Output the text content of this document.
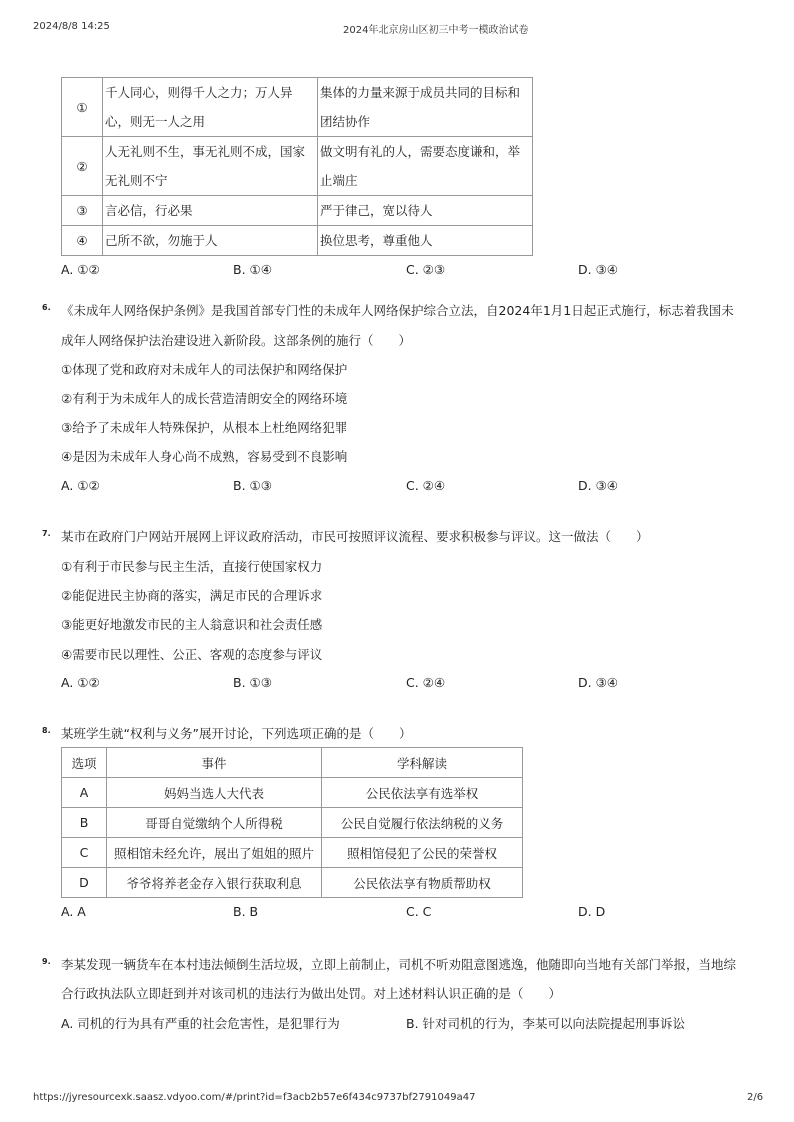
2024/8/8 14:25	2024年北京房山区初三中考一模政治试卷
①	千人同心，则得千人之力；万人异心，则无一人之用	集体的力量来源于成员共同的目标和团结协作
②	人无礼则不生，事无礼则不成，国家无礼则不宁	做文明有礼的人，需要态度谦和，举止端庄
③	言必信，行必果	严于律己，宽以待人
④	己所不欲，勿施于人	换位思考，尊重他人
A. ①②	B. ①④	C. ②③	D. ③④
6. 《未成年人网络保护条例》是我国首部专门性的未成年人网络保护综合立法，自2024年1月1日起正式施行，标志着我国未
成年人网络保护法治建设进入新阶段。这部条例的施行（　　）
①体现了党和政府对未成年人的司法保护和网络保护
②有利于为未成年人的成长营造清朗安全的网络环境
③给予了未成年人特殊保护，从根本上杜绝网络犯罪
④是因为未成年人身心尚不成熟，容易受到不良影响
A. ①②	B. ①③	C. ②④	D. ③④
7. 某市在政府门户网站开展网上评议政府活动，市民可按照评议流程、要求积极参与评议。这一做法（　　）
①有利于市民参与民主生活，直接行使国家权力
②能促进民主协商的落实，满足市民的合理诉求
③能更好地激发市民的主人翁意识和社会责任感
④需要市民以理性、公正、客观的态度参与评议
A. ①②	B. ①③	C. ②④	D. ③④
8. 某班学生就“权利与义务”展开讨论，下列选项正确的是（　　）
选项	事件	学科解读
A	妈妈当选人大代表	公民依法享有选举权
B	哥哥自觉缴纳个人所得税	公民自觉履行依法纳税的义务
C	照相馆未经允许，展出了姐姐的照片	照相馆侵犯了公民的荣誉权
D	爷爷将养老金存入银行获取利息	公民依法享有物质帮助权
A. A	B. B	C. C	D. D
9. 李某发现一辆货车在本村违法倾倒生活垃圾，立即上前制止，司机不听劝阻意图逃逸，他随即向当地有关部门举报，当地综
合行政执法队立即赶到并对该司机的违法行为做出处罚。对上述材料认识正确的是（　　）
A. 司机的行为具有严重的社会危害性，是犯罪行为	B. 针对司机的行为，李某可以向法院提起刑事诉讼
https://jyresourcexk.saasz.vdyoo.com/#/print?id=f3acb2b57e6f434c9737bf2791049a47	2/6
